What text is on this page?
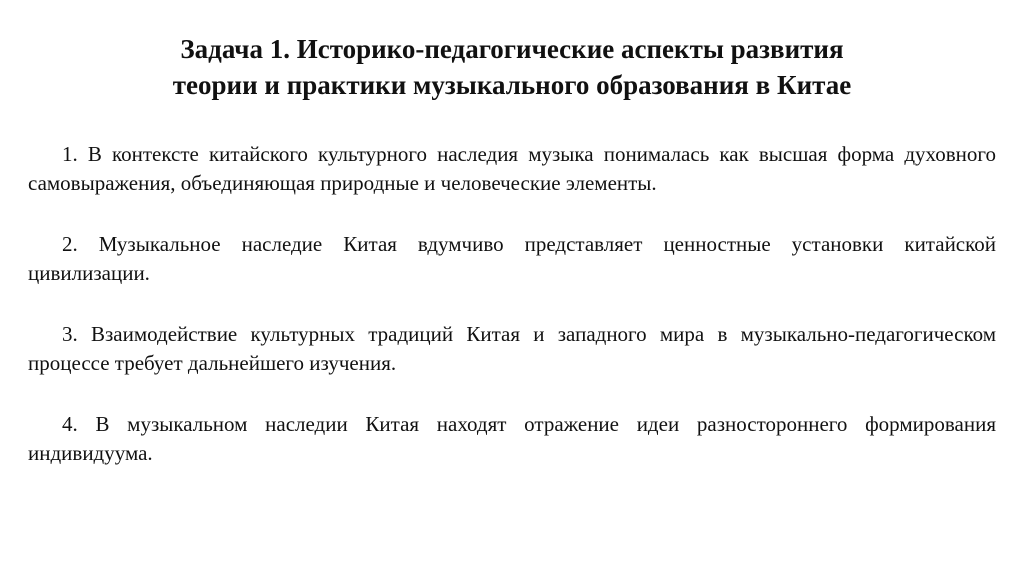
Задача 1. Историко-педагогические аспекты развития
теории и практики музыкального образования в Китае

1. В контексте китайского культурного наследия музыка понималась как высшая форма духовного самовыражения, объединяющая природные и человеческие элементы.

2. Музыкальное наследие Китая вдумчиво представляет ценностные установки китайской цивилизации.

3. Взаимодействие культурных традиций Китая и западного мира в музыкально-педагогическом процессе требует дальнейшего изучения.

4. В музыкальном наследии Китая находят отражение идеи разностороннего формирования индивидуума.
